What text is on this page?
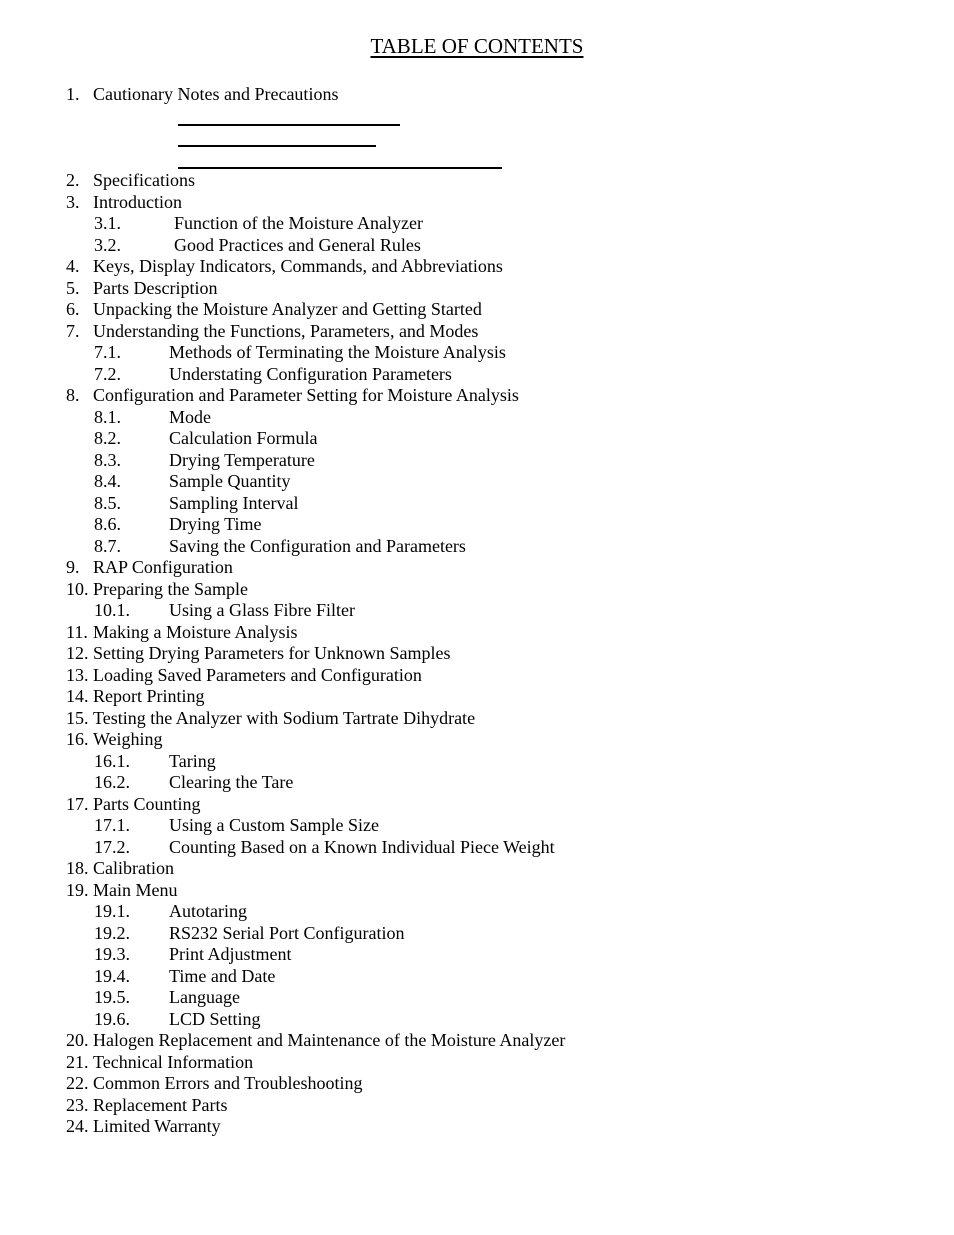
TABLE OF CONTENTS
1. Cautionary Notes and Precautions
2. Specifications
3. Introduction
3.1.	Function of the Moisture Analyzer
3.2.	Good Practices and General Rules
4. Keys, Display Indicators, Commands, and Abbreviations
5. Parts Description
6. Unpacking the Moisture Analyzer and Getting Started
7. Understanding the Functions, Parameters, and Modes
7.1.	Methods of Terminating the Moisture Analysis
7.2.	Understating Configuration Parameters
8. Configuration and Parameter Setting for Moisture Analysis
8.1.	Mode
8.2.	Calculation Formula
8.3.	Drying Temperature
8.4.	Sample Quantity
8.5.	Sampling Interval
8.6.	Drying Time
8.7.	Saving the Configuration and Parameters
9. RAP Configuration
10. Preparing the Sample
10.1. Using a Glass Fibre Filter
11. Making a Moisture Analysis
12. Setting Drying Parameters for Unknown Samples
13. Loading Saved Parameters and Configuration
14. Report Printing
15. Testing the Analyzer with Sodium Tartrate Dihydrate
16. Weighing
16.1. Taring
16.2. Clearing the Tare
17. Parts Counting
17.1. Using a Custom Sample Size
17.2. Counting Based on a Known Individual Piece Weight
18. Calibration
19. Main Menu
19.1. Autotaring
19.2. RS232 Serial Port Configuration
19.3. Print Adjustment
19.4. Time and Date
19.5. Language
19.6. LCD Setting
20. Halogen Replacement and Maintenance of the Moisture Analyzer
21. Technical Information
22. Common Errors and Troubleshooting
23. Replacement Parts
24. Limited Warranty
